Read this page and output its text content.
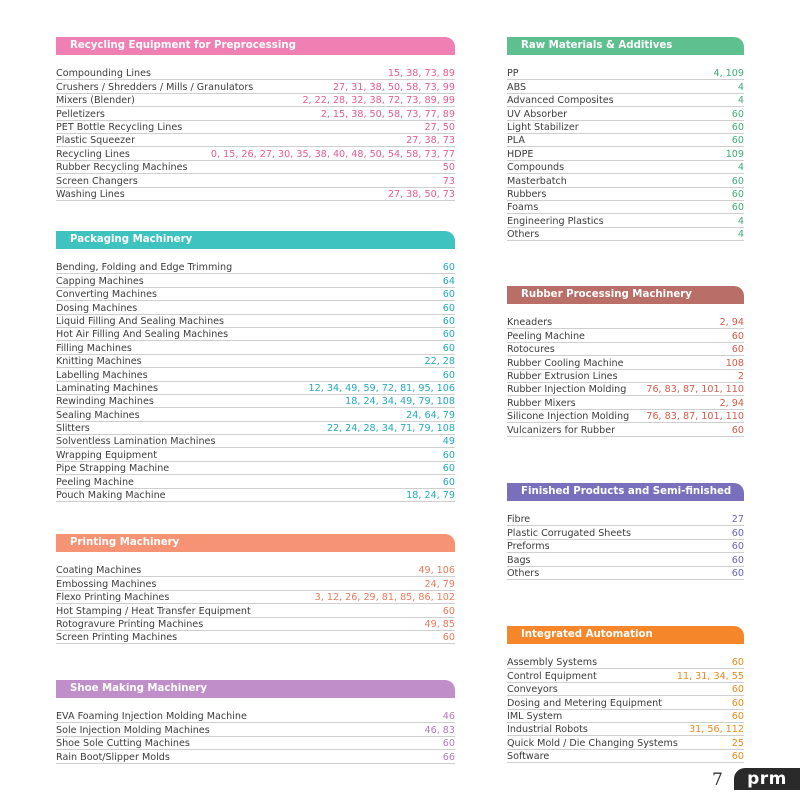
Recycling Equipment for Preprocessing
Compounding Lines	15, 38, 73, 89
Crushers / Shredders / Mills / Granulators	27, 31, 38, 50, 58, 73, 99
Mixers (Blender)	2, 22, 28, 32, 38, 72, 73, 89, 99
Pelletizers	2, 15, 38, 50, 58, 73, 77, 89
PET Bottle Recycling Lines	27, 50
Plastic Squeezer	27, 38, 73
Recycling Lines	0, 15, 26, 27, 30, 35, 38, 40, 48, 50, 54, 58, 73, 77
Rubber Recycling Machines	50
Screen Changers	73
Washing Lines	27, 38, 50, 73
Packaging Machinery
Bending, Folding and Edge Trimming	60
Capping Machines	64
Converting Machines	60
Dosing Machines	60
Liquid Filling And Sealing Machines	60
Hot Air Filling And Sealing Machines	60
Filling Machines	60
Knitting Machines	22, 28
Labelling Machines	60
Laminating Machines	12, 34, 49, 59, 72, 81, 95, 106
Rewinding Machines	18, 24, 34, 49, 79, 108
Sealing Machines	24, 64, 79
Slitters	22, 24, 28, 34, 71, 79, 108
Solventless Lamination Machines	49
Wrapping Equipment	60
Pipe Strapping Machine	60
Peeling Machine	60
Pouch Making Machine	18, 24, 79
Printing Machinery
Coating Machines	49, 106
Embossing Machines	24, 79
Flexo Printing Machines	3, 12, 26, 29, 81, 85, 86, 102
Hot Stamping / Heat Transfer Equipment	60
Rotogravure Printing Machines	49, 85
Screen Printing Machines	60
Shoe Making Machinery
EVA Foaming Injection Molding Machine	46
Sole Injection Molding Machines	46, 83
Shoe Sole Cutting Machines	60
Rain Boot/Slipper Molds	66
Raw Materials & Additives
PP	4, 109
ABS	4
Advanced Composites	4
UV Absorber	60
Light Stabilizer	60
PLA	60
HDPE	109
Compounds	4
Masterbatch	60
Rubbers	60
Foams	60
Engineering Plastics	4
Others	4
Rubber Processing Machinery
Kneaders	2, 94
Peeling Machine	60
Rotocures	60
Rubber Cooling Machine	108
Rubber Extrusion Lines	2
Rubber Injection Molding 76, 83, 87, 101, 110
Rubber Mixers	2, 94
Silicone Injection Molding 76, 83, 87, 101, 110
Vulcanizers for Rubber	60
Finished Products and Semi-finished Products
Fibre	27
Plastic Corrugated Sheets	60
Preforms	60
Bags	60
Others	60
Integrated Automation
Assembly Systems	60
Control Equipment	11, 31, 34, 55
Conveyors	60
Dosing and Metering Equipment	60
IML System	60
Industrial Robots	31, 56, 112
Quick Mold / Die Changing Systems	25
Software	60
7	prm
